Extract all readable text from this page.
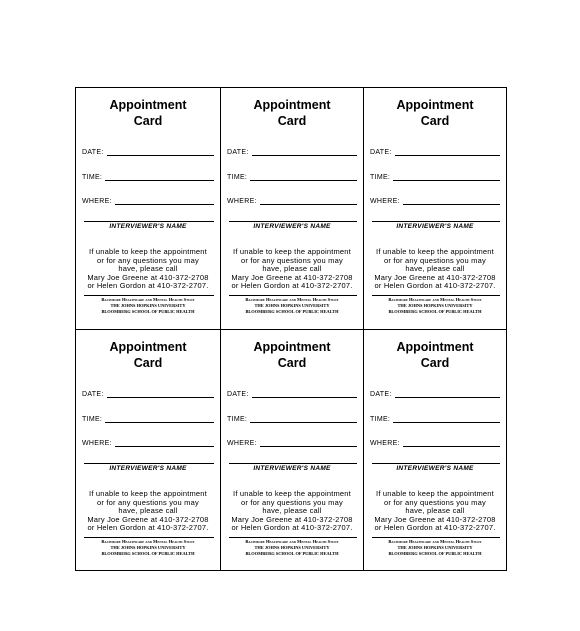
Appointment
Card
DATE:
TIME:
WHERE:
INTERVIEWER'S NAME
If unable to keep the appointment
or for any questions you may
have, please call
Mary Joe Greene at 410-372-2708
or Helen Gordon at 410-372-2707.
Baltimore Healthcare and Mental Health Study
THE JOHNS HOPKINS UNIVERSITY
BLOOMBERG SCHOOL OF PUBLIC HEALTH
Appointment
Card
DATE:
TIME:
WHERE:
INTERVIEWER'S NAME
If unable to keep the appointment
or for any questions you may
have, please call
Mary Joe Greene at 410-372-2708
or Helen Gordon at 410-372-2707.
Baltimore Healthcare and Mental Health Study
THE JOHNS HOPKINS UNIVERSITY
BLOOMBERG SCHOOL OF PUBLIC HEALTH
Appointment
Card
DATE:
TIME:
WHERE:
INTERVIEWER'S NAME
If unable to keep the appointment
or for any questions you may
have, please call
Mary Joe Greene at 410-372-2708
or Helen Gordon at 410-372-2707.
Baltimore Healthcare and Mental Health Study
THE JOHNS HOPKINS UNIVERSITY
BLOOMBERG SCHOOL OF PUBLIC HEALTH
Appointment
Card
DATE:
TIME:
WHERE:
INTERVIEWER'S NAME
If unable to keep the appointment
or for any questions you may
have, please call
Mary Joe Greene at 410-372-2708
or Helen Gordon at 410-372-2707.
Baltimore Healthcare and Mental Health Study
THE JOHNS HOPKINS UNIVERSITY
BLOOMBERG SCHOOL OF PUBLIC HEALTH
Appointment
Card
DATE:
TIME:
WHERE:
INTERVIEWER'S NAME
If unable to keep the appointment
or for any questions you may
have, please call
Mary Joe Greene at 410-372-2708
or Helen Gordon at 410-372-2707.
Baltimore Healthcare and Mental Health Study
THE JOHNS HOPKINS UNIVERSITY
BLOOMBERG SCHOOL OF PUBLIC HEALTH
Appointment
Card
DATE:
TIME:
WHERE:
INTERVIEWER'S NAME
If unable to keep the appointment
or for any questions you may
have, please call
Mary Joe Greene at 410-372-2708
or Helen Gordon at 410-372-2707.
Baltimore Healthcare and Mental Health Study
THE JOHNS HOPKINS UNIVERSITY
BLOOMBERG SCHOOL OF PUBLIC HEALTH
